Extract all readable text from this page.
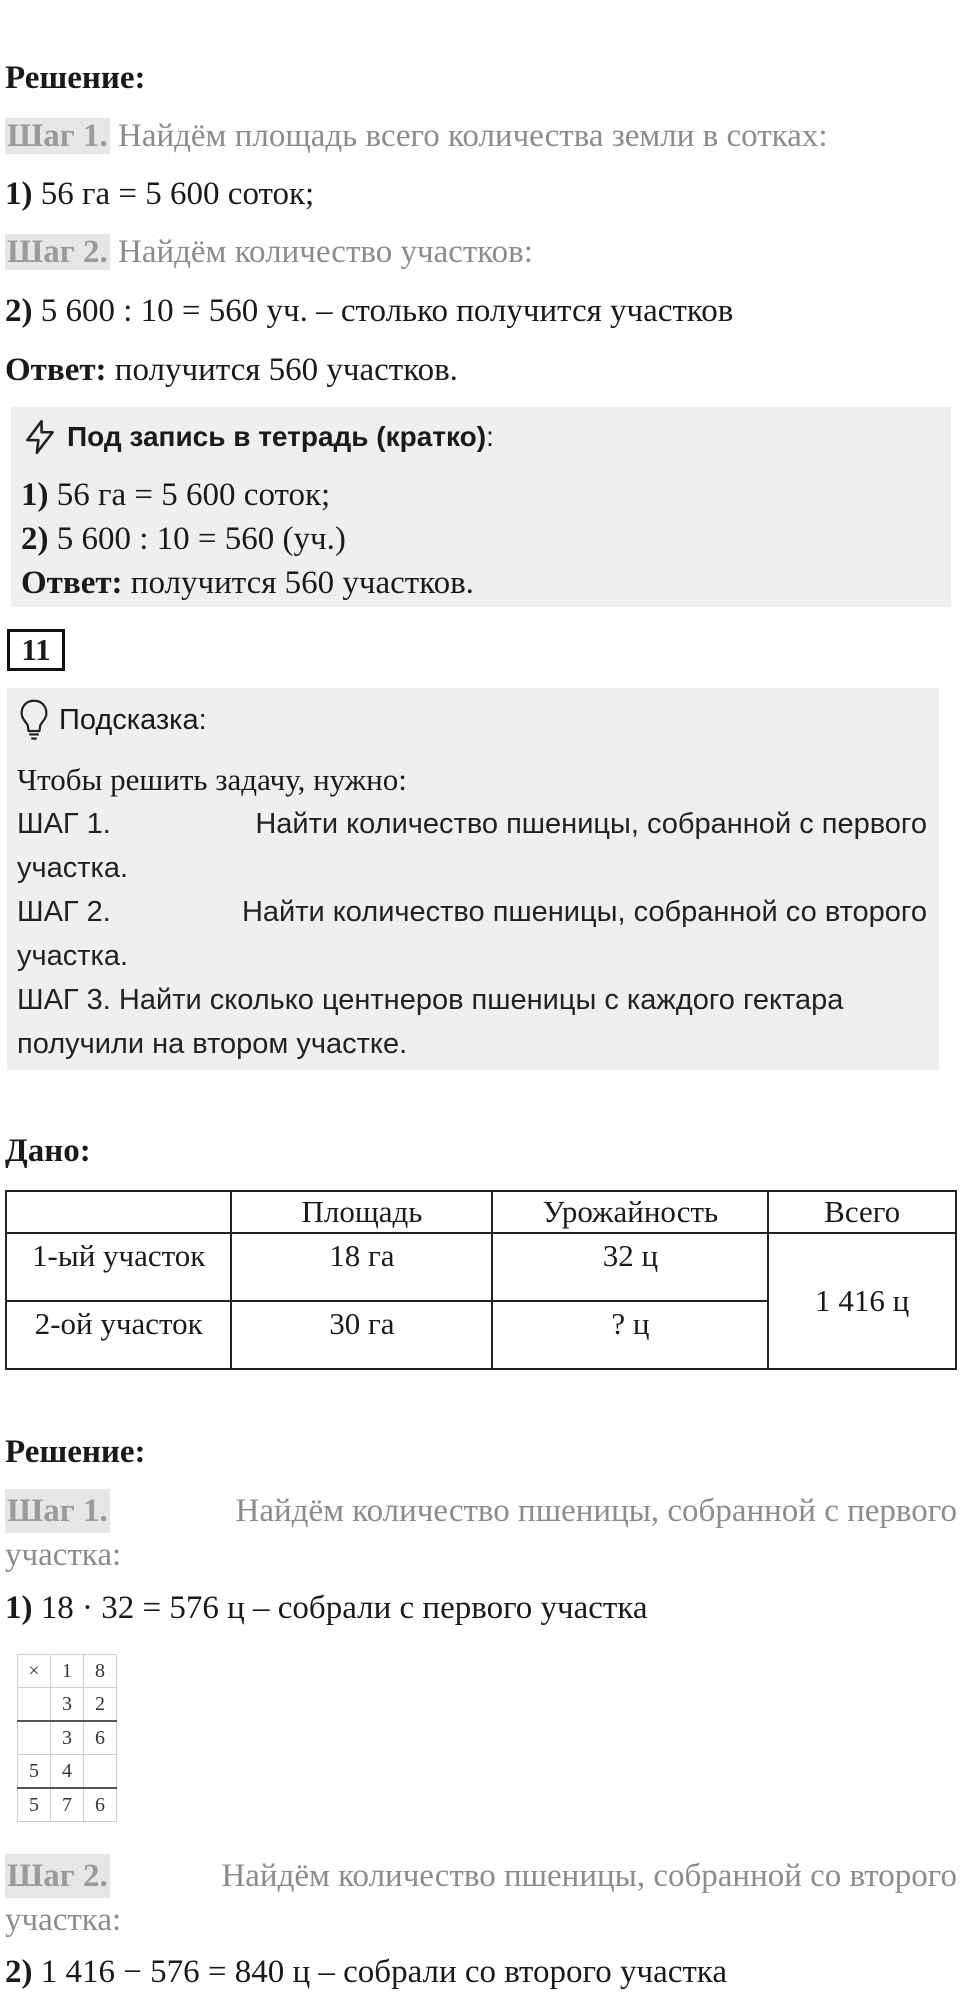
Решение:
Шаг 1. Найдём площадь всего количества земли в сотках:
1) 56 га = 5 600 соток;
Шаг 2. Найдём количество участков:
2) 5 600 : 10 = 560 уч. – столько получится участков
Ответ: получится 560 участков.
Под запись в тетрадь (кратко) :
1) 56 га = 5 600 соток;
2) 5 600 : 10 = 560 (уч.)
Ответ: получится 560 участков.
11
Подсказка:
Чтобы решить задачу, нужно:
ШАГ 1.	Найти количество пшеницы, собранной с первого
участка.
ШАГ 2.	Найти количество пшеницы, собранной со второго
участка.
ШАГ 3. Найти сколько центнеров пшеницы с каждого гектара
получили на втором участке.
Дано:
	Площадь	Урожайность	Всего
1-ый участок	18 га	32 ц	1 416 ц
2-ой участок	30 га	? ц	
Решение:
Шаг 1.	Найдём количество пшеницы, собранной с первого
участка:
1) 18 · 32 = 576 ц – собрали с первого участка
×	1	8
	3	2
	3	6
5	4	
5	7	6
Шаг 2.	Найдём количество пшеницы, собранной со второго
участка:
2) 1 416 − 576 = 840 ц – собрали со второго участка
